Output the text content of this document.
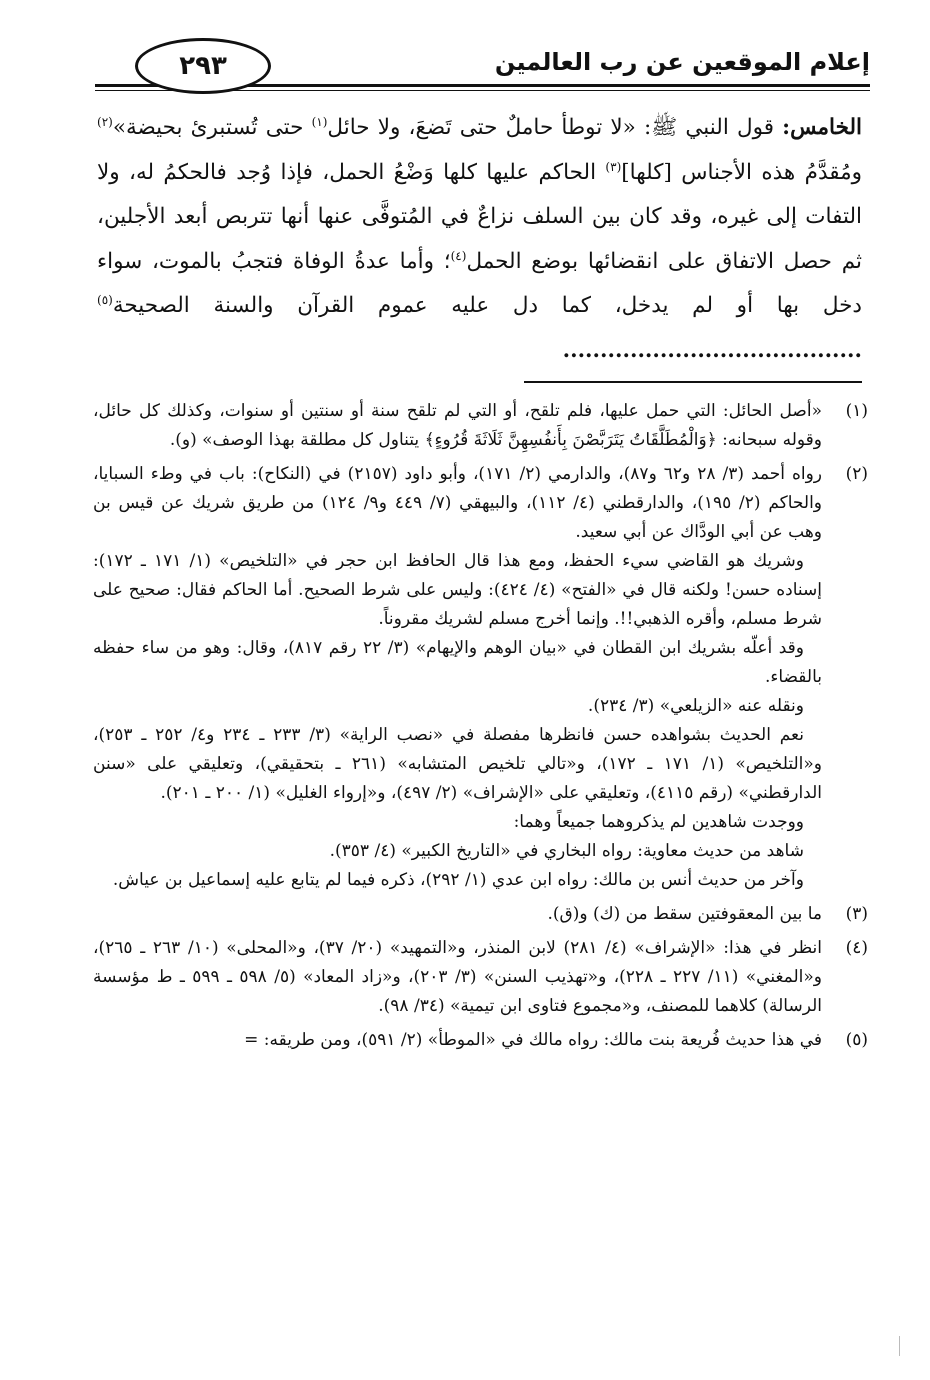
٢٩٣	إعلام الموقعين عن رب العالمين

الخامس: قول النبي ﷺ: «لا توطأ حاملٌ حتى تَضعَ، ولا حائل$^{(١)}$ حتى تُستبرئ بحيضة»$^{(٢)}$ ومُقدَّمُ هذه الأجناس [كلها]$^{(٣)}$ الحاكم عليها كلها وَضْعُ الحمل، فإذا وُجد فالحكمُ له، ولا التفات إلى غيره، وقد كان بين السلف نزاعٌ في المُتوفَّى عنها أنها تتربص أبعد الأجلين، ثم حصل الاتفاق على انقضائها بوضع الحمل$^{(٤)}$؛ وأما عدةُ الوفاة فتجبُ بالموت، سواء دخل بها أو لم يدخل، كما دل عليه عموم القرآن والسنة الصحيحة$^{(٥)}$ ........................................

(١)

«أصل الحائل: التي حمل عليها، فلم تلقح، أو التي لم تلقح سنة أو سنتين أو سنوات، وكذلك كل حائل، وقوله سبحانه: ﴿وَالْمُطَلَّقَاتُ يَتَرَبَّصْنَ بِأَنفُسِهِنَّ ثَلَاثَةَ قُرُوءٍ﴾ يتناول كل مطلقة بهذا الوصف» (و).

(٢)

رواه أحمد (٣/ ٢٨ و٦٢ و٨٧)، والدارمي (٢/ ١٧١)، وأبو داود (٢١٥٧) في (النكاح): باب في وطء السبايا، والحاكم (٢/ ١٩٥)، والدارقطني (٤/ ١١٢)، والبيهقي (٧/ ٤٤٩ و٩/ ١٢٤) من طريق شريك عن قيس بن وهب عن أبي الودَّاك عن أبي سعيد.

وشريك هو القاضي سيء الحفظ، ومع هذا قال الحافظ ابن حجر في «التلخيص» (١/ ١٧١ ـ ١٧٢): إسناده حسن! ولكنه قال في «الفتح» (٤/ ٤٢٤): وليس على شرط الصحيح. أما الحاكم فقال: صحيح على شرط مسلم، وأقره الذهبي!!. وإنما أخرج مسلم لشريك مقروناً.

وقد أعلّه بشريك ابن القطان في «بيان الوهم والإيهام» (٣/ ٢٢ رقم ٨١٧)، وقال: وهو من ساء حفظه بالقضاء.

ونقله عنه «الزيلعي» (٣/ ٢٣٤).

نعم الحديث بشواهده حسن فانظرها مفصلة في «نصب الراية» (٣/ ٢٣٣ ـ ٢٣٤ و٤/ ٢٥٢ ـ ٢٥٣)، و«التلخيص» (١/ ١٧١ ـ ١٧٢)، و«تالي تلخيص المتشابه» (٢٦١ ـ بتحقيقي)، وتعليقي على «سنن الدارقطني» (رقم ٤١١٥)، وتعليقي على «الإشراف» (٢/ ٤٩٧)، و«إرواء الغليل» (١/ ٢٠٠ ـ ٢٠١).

ووجدت شاهدين لم يذكروهما جميعاً وهما:

شاهد من حديث معاوية: رواه البخاري في «التاريخ الكبير» (٤/ ٣٥٣).

وآخر من حديث أنس بن مالك: رواه ابن عدي (١/ ٢٩٢)، ذكره فيما لم يتابع عليه إسماعيل بن عياش.

(٣)

ما بين المعقوفتين سقط من (ك) و(ق).

(٤)

انظر في هذا: «الإشراف» (٤/ ٢٨١) لابن المنذر، و«التمهيد» (٢٠/ ٣٧)، و«المحلى» (١٠/ ٢٦٣ ـ ٢٦٥)، و«المغني» (١١/ ٢٢٧ ـ ٢٢٨)، و«تهذيب السنن» (٣/ ٢٠٣)، و«زاد المعاد» (٥/ ٥٩٨ ـ ٥٩٩ ـ ط مؤسسة الرسالة) كلاهما للمصنف، و«مجموع فتاوى ابن تيمية» (٣٤/ ٩٨).

(٥)

في هذا حديث فُريعة بنت مالك: رواه مالك في «الموطأ» (٢/ ٥٩١)، ومن طريقه: =
